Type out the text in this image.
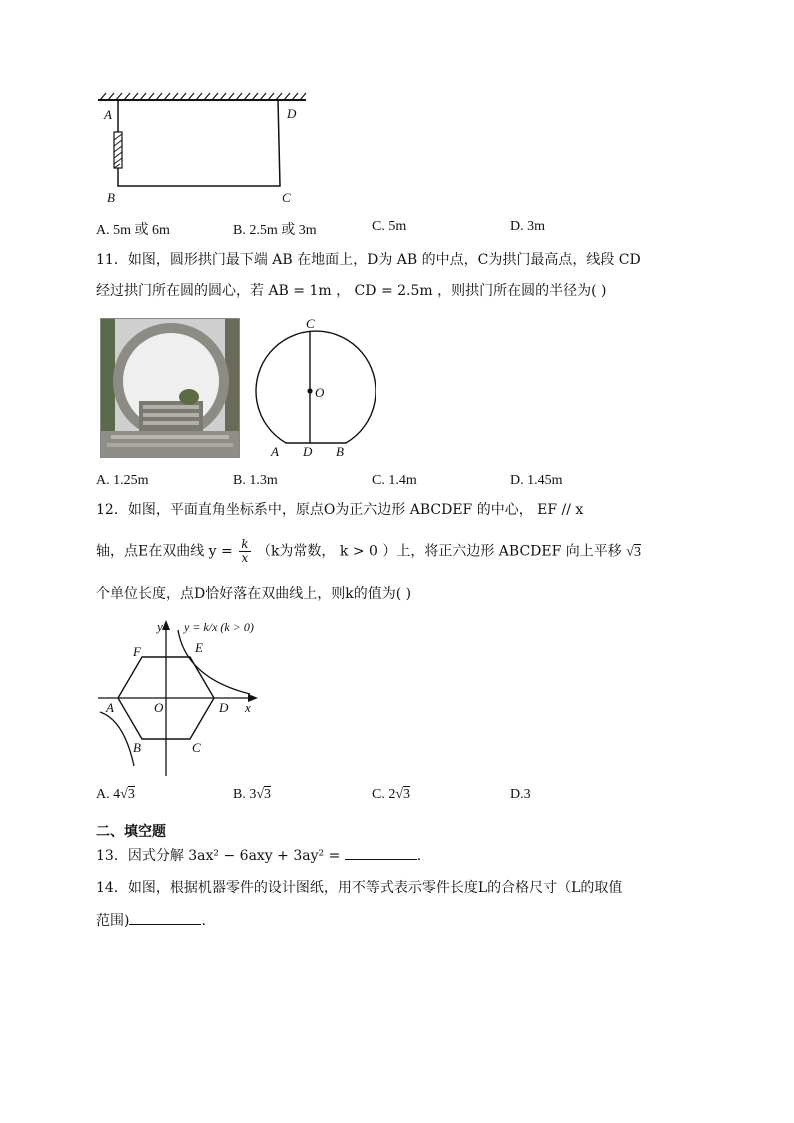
A	D
B	C
A. 5m 或 6m	B. 2.5m 或 3m	C. 5m	D. 3m
11．如图，圆形拱门最下端 AB 在地面上，D为 AB 的中点，C为拱门最高点，线段 CD
经过拱门所在圆的圆心，若 AB = 1m ， CD = 2.5m ，则拱门所在圆的半径为( )
C
O
A D B
A. 1.25m	B. 1.3m	C. 1.4m	D. 1.45m
12．如图，平面直角坐标系中，原点O为正六边形 ABCDEF 的中心， EF // x
轴，点E在双曲线 $y = \frac{k}{x} (k$为常数， k > 0 ）上，将正六边形 ABCDEF 向上平移 √3
个单位长度，点D恰好落在双曲线上，则k的值为( )
y = k/x (k > 0)
y
x
F	E
A	O	D
B	C
A. 4√3	B. 3√3	C. 2√3	D.3
二、填空题
13．因式分解 3ax² − 6axy + 3ay² =	.
14．如图，根据机器零件的设计图纸，用不等式表示零件长度L的合格尺寸（L的取值
范围)	.
